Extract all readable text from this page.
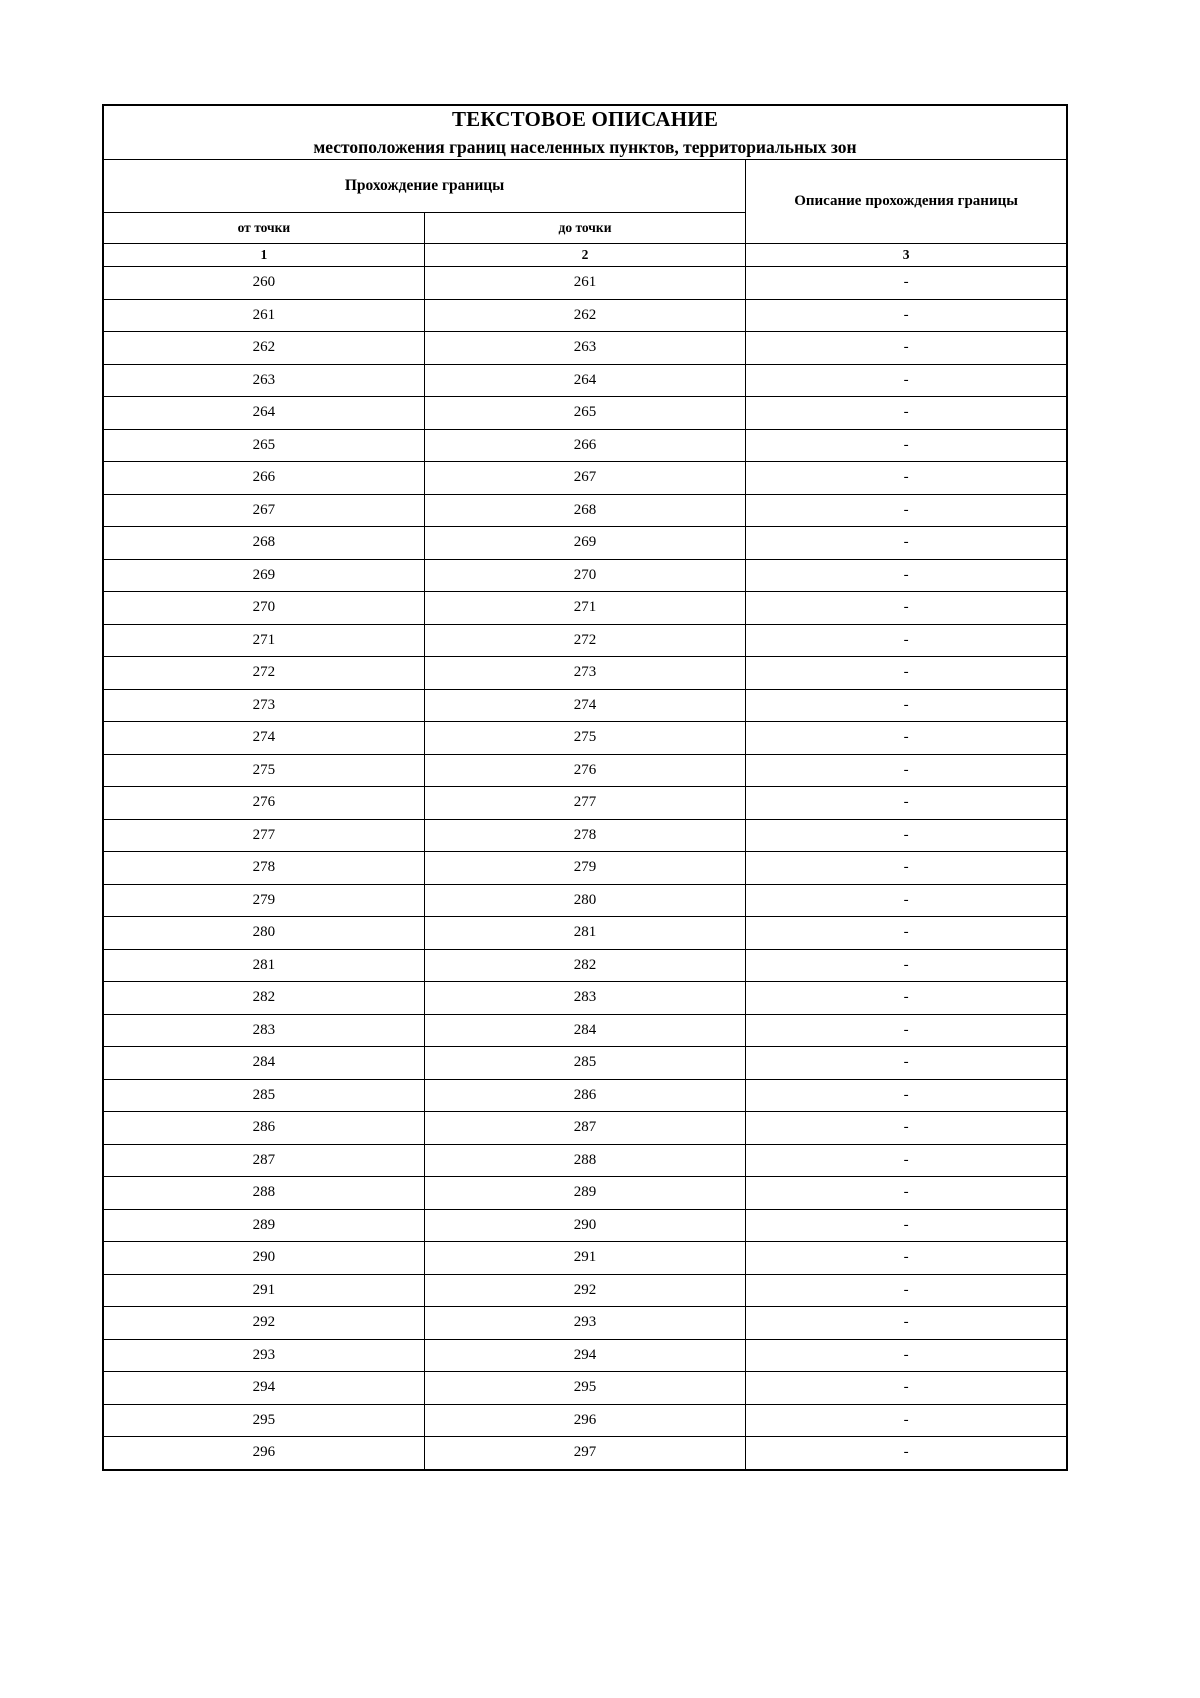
ТЕКСТОВОЕ ОПИСАНИЕ
местоположения границ населенных пунктов, территориальных зон		

Прохождение границы		Описание прохождения границы
от точки	до точки	
1	2	3
260	261	-
261	262	-
262	263	-
263	264	-
264	265	-
265	266	-
266	267	-
267	268	-
268	269	-
269	270	-
270	271	-
271	272	-
272	273	-
273	274	-
274	275	-
275	276	-
276	277	-
277	278	-
278	279	-
279	280	-
280	281	-
281	282	-
282	283	-
283	284	-
284	285	-
285	286	-
286	287	-
287	288	-
288	289	-
289	290	-
290	291	-
291	292	-
292	293	-
293	294	-
294	295	-
295	296	-
296	297	-
